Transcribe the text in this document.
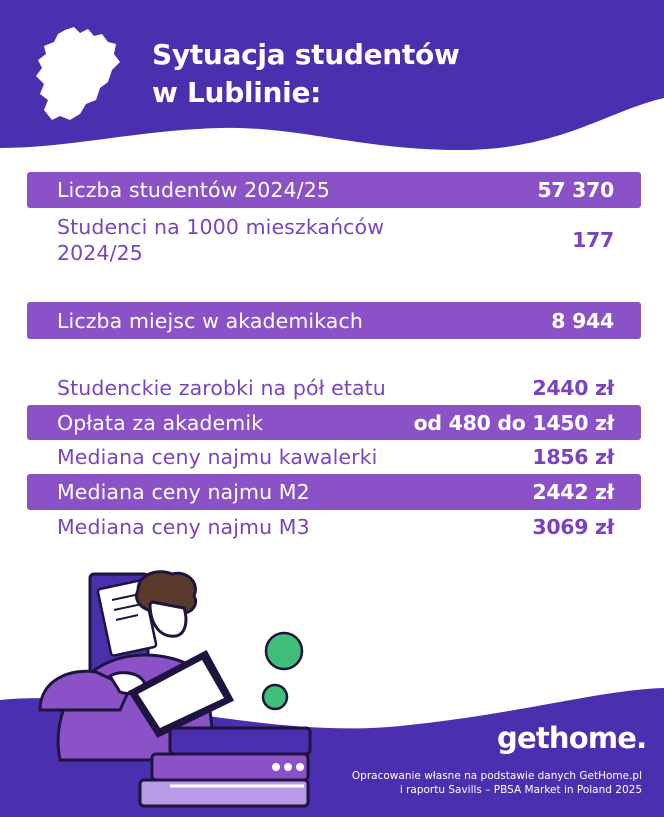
Sytuacja studentów
w Lublinie:
Liczba studentów 2024/25	57 370
Studenci na 1000 mieszkańców
2024/25
177
Liczba miejsc w akademikach	8 944
Studenckie zarobki na pół etatu	2440 zł
Opłata za akademik	od 480 do 1450 zł
Mediana ceny najmu kawalerki	1856 zł
Mediana ceny najmu M2	2442 zł
Mediana ceny najmu M3	3069 zł
gethome.
Opracowanie własne na podstawie danych GetHome.pl
i raportu Savills – PBSA Market in Poland 2025
